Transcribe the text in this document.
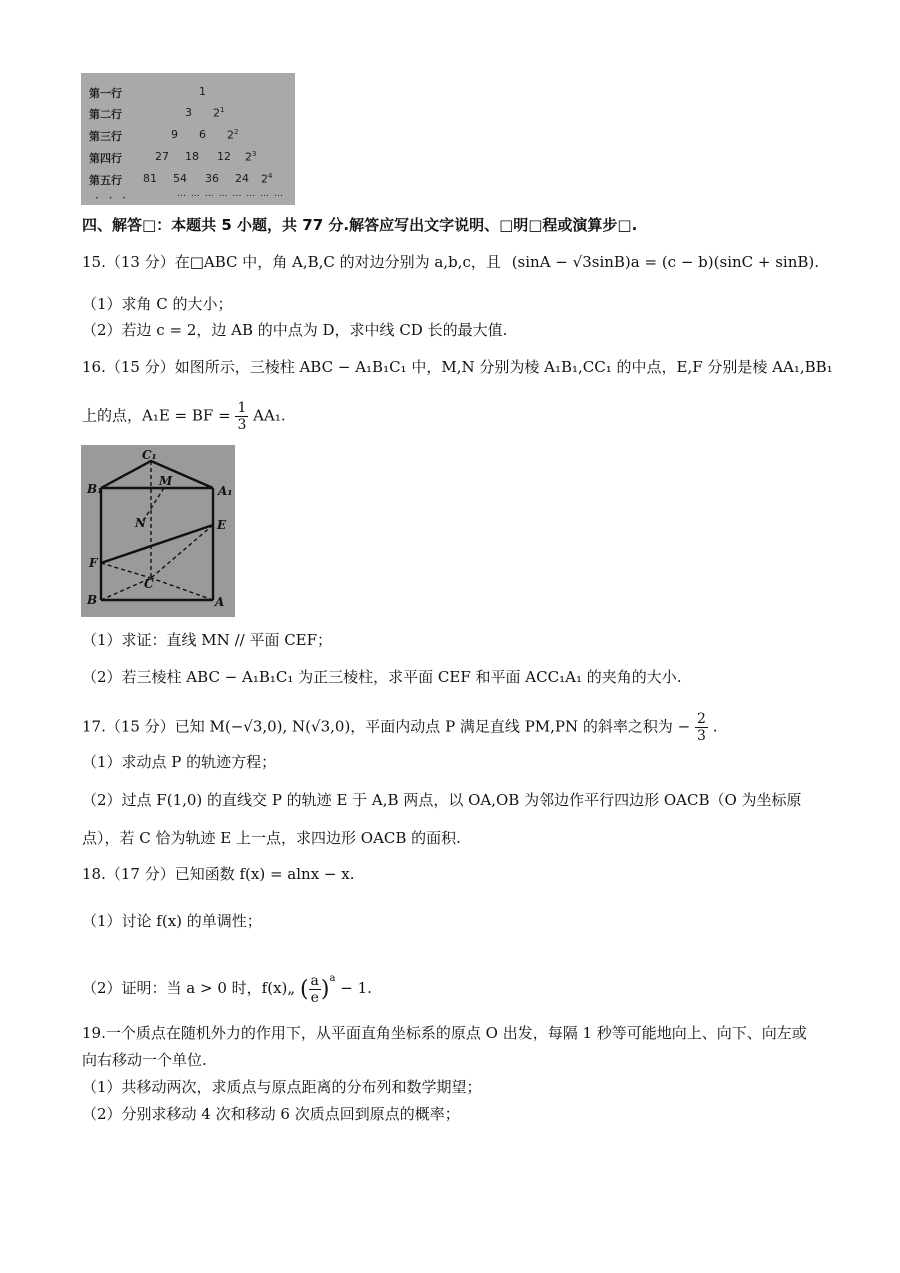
第一行	1
第二行	3 $2^1$
第三行	9 6 $2^2$
第四行	27 18 12 $2^3$
第五行 81 54 36 24 $2^4$
… … … … … … … …
· · ·
四、解答□：本题共 5 小题，共 77 分.解答应写出文字说明、□明□程或演算步□.
15.（13 分）在□ABC 中，角 A,B,C 的对边分别为 a,b,c，且 (sinA − √3sinB)a = (c − b)(sinC + sinB).
（1）求角 C 的大小；
（2）若边 c = 2，边 AB 的中点为 D，求中线 CD 长的最大值.
16.（15 分）如图所示，三棱柱 ABC − A₁B₁C₁ 中，M,N 分别为棱 A₁B₁,CC₁ 的中点，E,F 分别是棱 AA₁,BB₁
上的点，A₁E = BF = $\frac{1}{3} AA_1$.
C₁
B₁
M
A₁
N	E
F
C
B	A
（1）求证：直线 MN // 平面 CEF；
（2）若三棱柱 ABC − A₁B₁C₁ 为正三棱柱，求平面 CEF 和平面 ACC₁A₁ 的夹角的大小.
17.（15 分）已知 M(−√3,0), N(√3,0)，平面内动点 P 满足直线 PM,PN 的斜率之积为 − $\frac{2}{3}$ .
（1）求动点 P 的轨迹方程；
（2）过点 F(1,0) 的直线交 P 的轨迹 E 于 A,B 两点，以 OA,OB 为邻边作平行四边形 OACB（O 为坐标原
点），若 C 恰为轨迹 E 上一点，求四边形 OACB 的面积.
18.（17 分）已知函数 f(x) = alnx − x.
（1）讨论 f(x) 的单调性；
（2）证明：当 a > 0 时，f(x)„ ( $\frac{a}{e} )^a - 1$.
19.一个质点在随机外力的作用下，从平面直角坐标系的原点 O 出发，每隔 1 秒等可能地向上、向下、向左或
向右移动一个单位.
（1）共移动两次，求质点与原点距离的分布列和数学期望；
（2）分别求移动 4 次和移动 6 次质点回到原点的概率；
